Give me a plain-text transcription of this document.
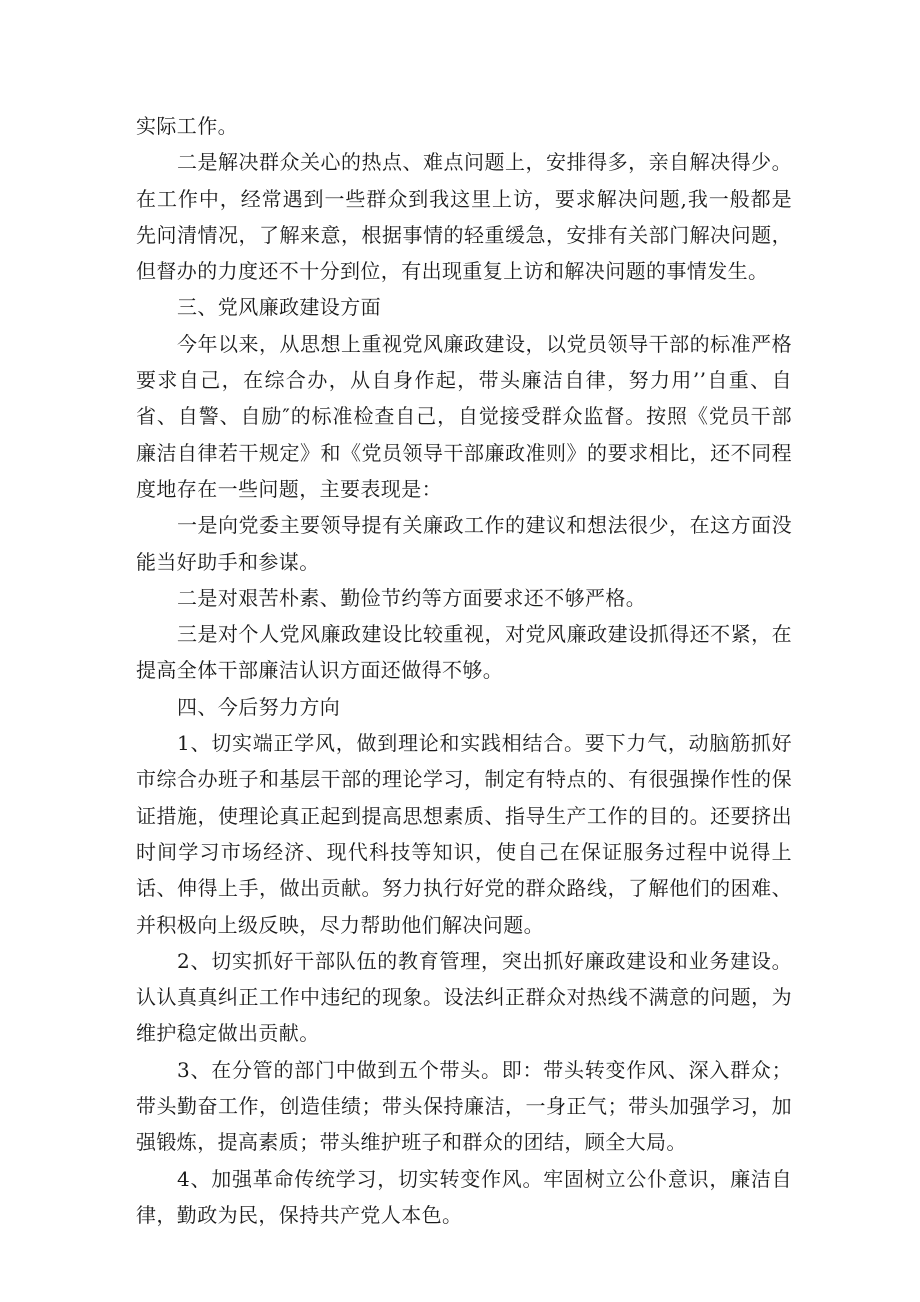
实际工作。

二是解决群众关心的热点、难点问题上，安排得多，亲自解决得少。在工作中，经常遇到一些群众到我这里上访，要求解决问题,我一般都是先问清情况，了解来意，根据事情的轻重缓急，安排有关部门解决问题，但督办的力度还不十分到位，有出现重复上访和解决问题的事情发生。

三、党风廉政建设方面

今年以来，从思想上重视党风廉政建设，以党员领导干部的标准严格要求自己，在综合办，从自身作起，带头廉洁自律，努力用’’自重、自省、自警、自励″的标准检查自己，自觉接受群众监督。按照《党员干部廉洁自律若干规定》和《党员领导干部廉政准则》的要求相比，还不同程度地存在一些问题，主要表现是：

一是向党委主要领导提有关廉政工作的建议和想法很少，在这方面没能当好助手和参谋。

二是对艰苦朴素、勤俭节约等方面要求还不够严格。

三是对个人党风廉政建设比较重视，对党风廉政建设抓得还不紧，在提高全体干部廉洁认识方面还做得不够。

四、今后努力方向

1、切实端正学风，做到理论和实践相结合。要下力气，动脑筋抓好市综合办班子和基层干部的理论学习，制定有特点的、有很强操作性的保证措施，使理论真正起到提高思想素质、指导生产工作的目的。还要挤出时间学习市场经济、现代科技等知识，使自己在保证服务过程中说得上话、伸得上手，做出贡献。努力执行好党的群众路线，了解他们的困难、并积极向上级反映，尽力帮助他们解决问题。

2、切实抓好干部队伍的教育管理，突出抓好廉政建设和业务建设。认认真真纠正工作中违纪的现象。设法纠正群众对热线不满意的问题，为维护稳定做出贡献。

3、在分管的部门中做到五个带头。即：带头转变作风、深入群众；带头勤奋工作，创造佳绩；带头保持廉洁，一身正气；带头加强学习，加强锻炼，提高素质；带头维护班子和群众的团结，顾全大局。

4、加强革命传统学习，切实转变作风。牢固树立公仆意识，廉洁自律，勤政为民，保持共产党人本色。
